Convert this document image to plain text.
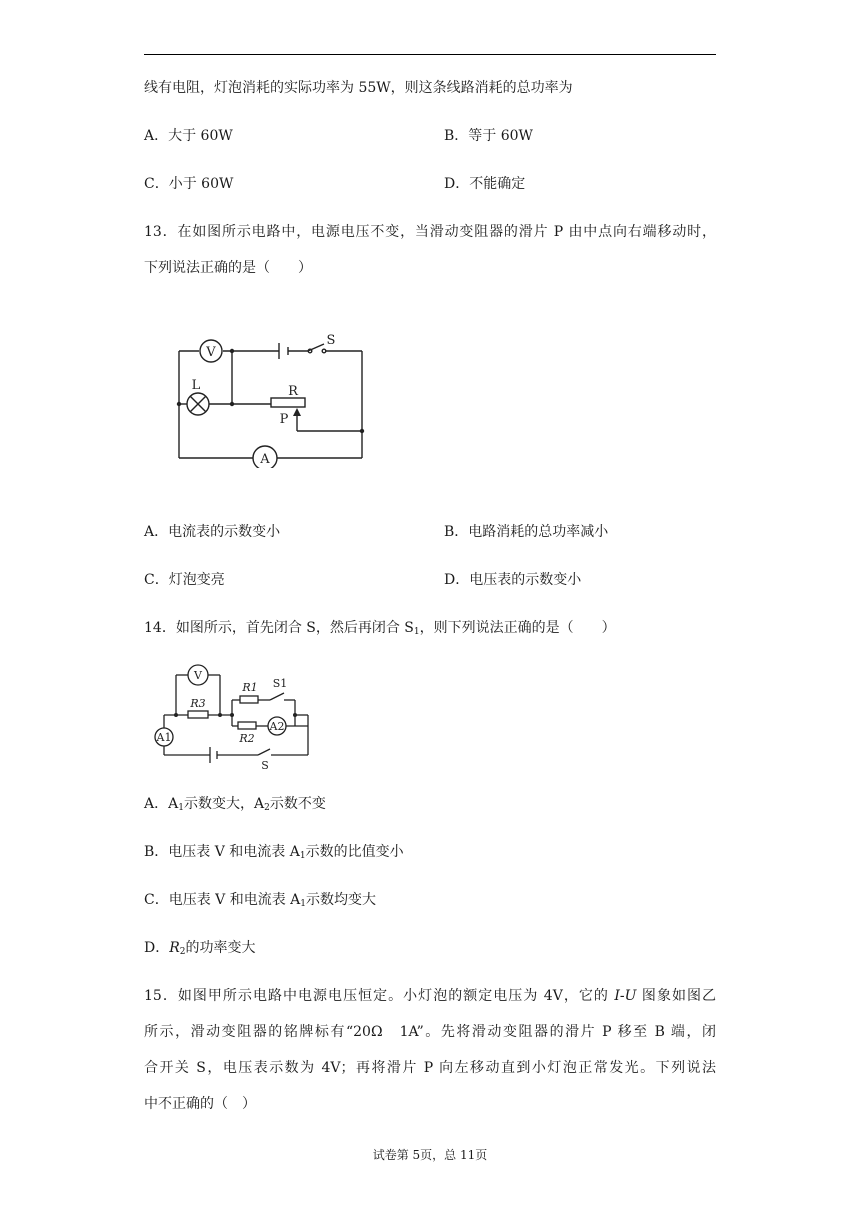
线有电阻，灯泡消耗的实际功率为 55W，则这条线路消耗的总功率为
A．大于 60W	B．等于 60W
C．小于 60W	D．不能确定
13．在如图所示电路中，电源电压不变，当滑动变阻器的滑片 P 由中点向右端移动时，
下列说法正确的是（　　）
V
S
L	R
P
A
A．电流表的示数变小	B．电路消耗的总功率减小
C．灯泡变亮	D．电压表的示数变小
14．如图所示，首先闭合 S，然后再闭合 $S_1$，则下列说法正确的是（　　）
V
R1 S1
R3
A2
R2
A1
S
A．$A_1$示数变大，$A_2$示数不变
B．电压表 V 和电流表 $A_1$示数的比值变小
C．电压表 V 和电流表 $A_1$示数均变大
D．$R_2$的功率变大
15．如图甲所示电路中电源电压恒定。小灯泡的额定电压为 4V，它的 I-U 图象如图乙
所示，滑动变阻器的铭牌标有“20Ω　1A”。先将滑动变阻器的滑片 P 移至 B 端，闭
合开关 S，电压表示数为 4V；再将滑片 P 向左移动直到小灯泡正常发光。下列说法
中不正确的（　）
试卷第 5页，总 11页
